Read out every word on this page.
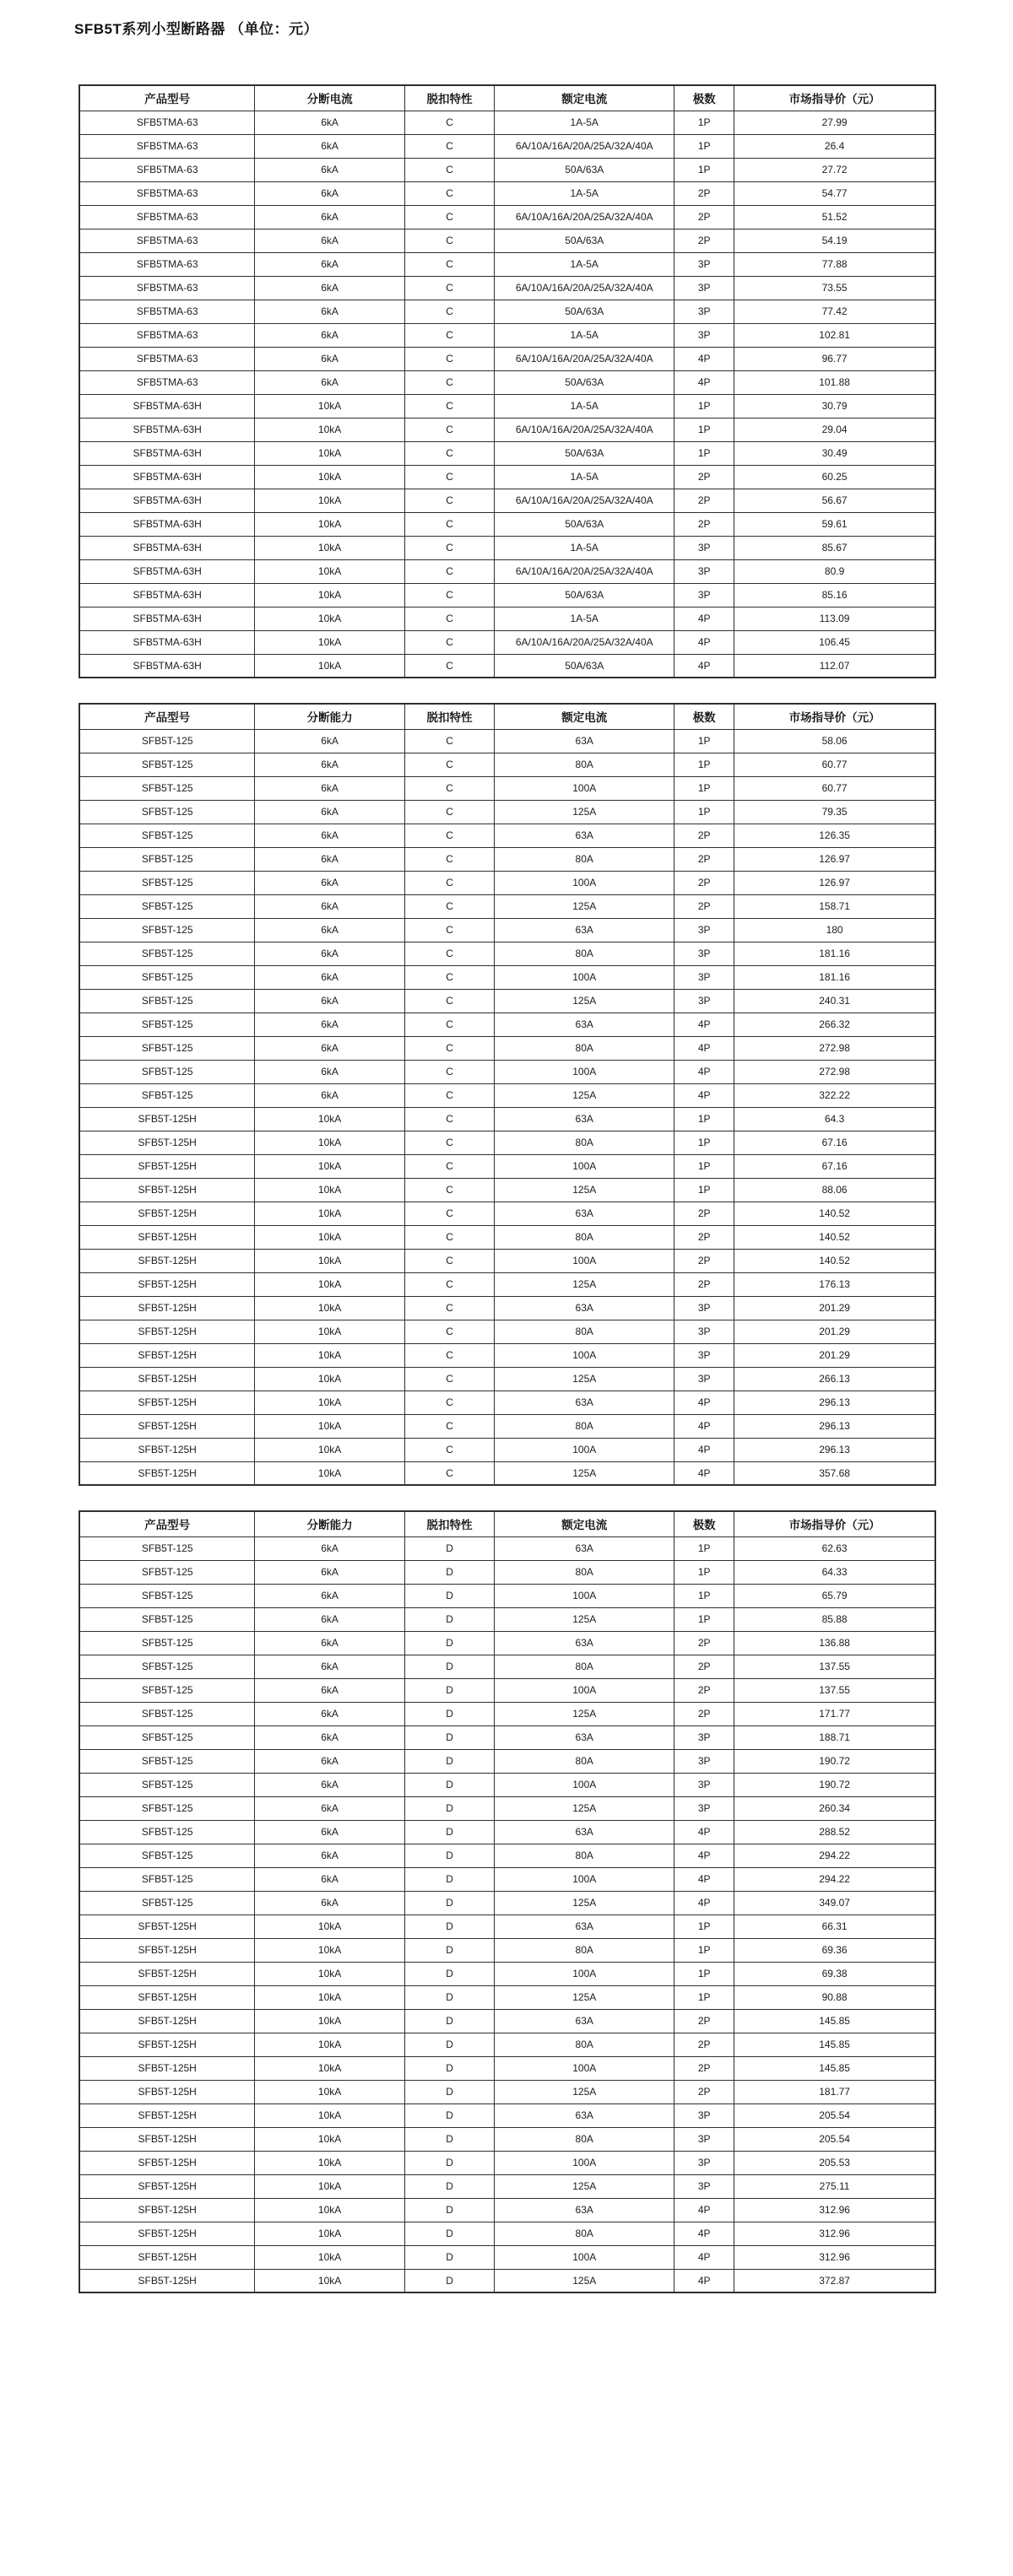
SFB5T系列小型断路器 （单位：元）
产品型号	分断电流	脱扣特性	额定电流	极数	市场指导价（元）
SFB5TMA-63	6kA	C	1A-5A	1P	27.99
SFB5TMA-63	6kA	C	6A/10A/16A/20A/25A/32A/40A	1P	26.4
SFB5TMA-63	6kA	C	50A/63A	1P	27.72
SFB5TMA-63	6kA	C	1A-5A	2P	54.77
SFB5TMA-63	6kA	C	6A/10A/16A/20A/25A/32A/40A	2P	51.52
SFB5TMA-63	6kA	C	50A/63A	2P	54.19
SFB5TMA-63	6kA	C	1A-5A	3P	77.88
SFB5TMA-63	6kA	C	6A/10A/16A/20A/25A/32A/40A	3P	73.55
SFB5TMA-63	6kA	C	50A/63A	3P	77.42
SFB5TMA-63	6kA	C	1A-5A	3P	102.81
SFB5TMA-63	6kA	C	6A/10A/16A/20A/25A/32A/40A	4P	96.77
SFB5TMA-63	6kA	C	50A/63A	4P	101.88
SFB5TMA-63H	10kA	C	1A-5A	1P	30.79
SFB5TMA-63H	10kA	C	6A/10A/16A/20A/25A/32A/40A	1P	29.04
SFB5TMA-63H	10kA	C	50A/63A	1P	30.49
SFB5TMA-63H	10kA	C	1A-5A	2P	60.25
SFB5TMA-63H	10kA	C	6A/10A/16A/20A/25A/32A/40A	2P	56.67
SFB5TMA-63H	10kA	C	50A/63A	2P	59.61
SFB5TMA-63H	10kA	C	1A-5A	3P	85.67
SFB5TMA-63H	10kA	C	6A/10A/16A/20A/25A/32A/40A	3P	80.9
SFB5TMA-63H	10kA	C	50A/63A	3P	85.16
SFB5TMA-63H	10kA	C	1A-5A	4P	113.09
SFB5TMA-63H	10kA	C	6A/10A/16A/20A/25A/32A/40A	4P	106.45
SFB5TMA-63H	10kA	C	50A/63A	4P	112.07
产品型号	分断能力	脱扣特性	额定电流	极数	市场指导价（元）
SFB5T-125	6kA	C	63A	1P	58.06
SFB5T-125	6kA	C	80A	1P	60.77
SFB5T-125	6kA	C	100A	1P	60.77
SFB5T-125	6kA	C	125A	1P	79.35
SFB5T-125	6kA	C	63A	2P	126.35
SFB5T-125	6kA	C	80A	2P	126.97
SFB5T-125	6kA	C	100A	2P	126.97
SFB5T-125	6kA	C	125A	2P	158.71
SFB5T-125	6kA	C	63A	3P	180
SFB5T-125	6kA	C	80A	3P	181.16
SFB5T-125	6kA	C	100A	3P	181.16
SFB5T-125	6kA	C	125A	3P	240.31
SFB5T-125	6kA	C	63A	4P	266.32
SFB5T-125	6kA	C	80A	4P	272.98
SFB5T-125	6kA	C	100A	4P	272.98
SFB5T-125	6kA	C	125A	4P	322.22
SFB5T-125H	10kA	C	63A	1P	64.3
SFB5T-125H	10kA	C	80A	1P	67.16
SFB5T-125H	10kA	C	100A	1P	67.16
SFB5T-125H	10kA	C	125A	1P	88.06
SFB5T-125H	10kA	C	63A	2P	140.52
SFB5T-125H	10kA	C	80A	2P	140.52
SFB5T-125H	10kA	C	100A	2P	140.52
SFB5T-125H	10kA	C	125A	2P	176.13
SFB5T-125H	10kA	C	63A	3P	201.29
SFB5T-125H	10kA	C	80A	3P	201.29
SFB5T-125H	10kA	C	100A	3P	201.29
SFB5T-125H	10kA	C	125A	3P	266.13
SFB5T-125H	10kA	C	63A	4P	296.13
SFB5T-125H	10kA	C	80A	4P	296.13
SFB5T-125H	10kA	C	100A	4P	296.13
SFB5T-125H	10kA	C	125A	4P	357.68
产品型号	分断能力	脱扣特性	额定电流	极数	市场指导价（元）
SFB5T-125	6kA	D	63A	1P	62.63
SFB5T-125	6kA	D	80A	1P	64.33
SFB5T-125	6kA	D	100A	1P	65.79
SFB5T-125	6kA	D	125A	1P	85.88
SFB5T-125	6kA	D	63A	2P	136.88
SFB5T-125	6kA	D	80A	2P	137.55
SFB5T-125	6kA	D	100A	2P	137.55
SFB5T-125	6kA	D	125A	2P	171.77
SFB5T-125	6kA	D	63A	3P	188.71
SFB5T-125	6kA	D	80A	3P	190.72
SFB5T-125	6kA	D	100A	3P	190.72
SFB5T-125	6kA	D	125A	3P	260.34
SFB5T-125	6kA	D	63A	4P	288.52
SFB5T-125	6kA	D	80A	4P	294.22
SFB5T-125	6kA	D	100A	4P	294.22
SFB5T-125	6kA	D	125A	4P	349.07
SFB5T-125H	10kA	D	63A	1P	66.31
SFB5T-125H	10kA	D	80A	1P	69.36
SFB5T-125H	10kA	D	100A	1P	69.38
SFB5T-125H	10kA	D	125A	1P	90.88
SFB5T-125H	10kA	D	63A	2P	145.85
SFB5T-125H	10kA	D	80A	2P	145.85
SFB5T-125H	10kA	D	100A	2P	145.85
SFB5T-125H	10kA	D	125A	2P	181.77
SFB5T-125H	10kA	D	63A	3P	205.54
SFB5T-125H	10kA	D	80A	3P	205.54
SFB5T-125H	10kA	D	100A	3P	205.53
SFB5T-125H	10kA	D	125A	3P	275.11
SFB5T-125H	10kA	D	63A	4P	312.96
SFB5T-125H	10kA	D	80A	4P	312.96
SFB5T-125H	10kA	D	100A	4P	312.96
SFB5T-125H	10kA	D	125A	4P	372.87
